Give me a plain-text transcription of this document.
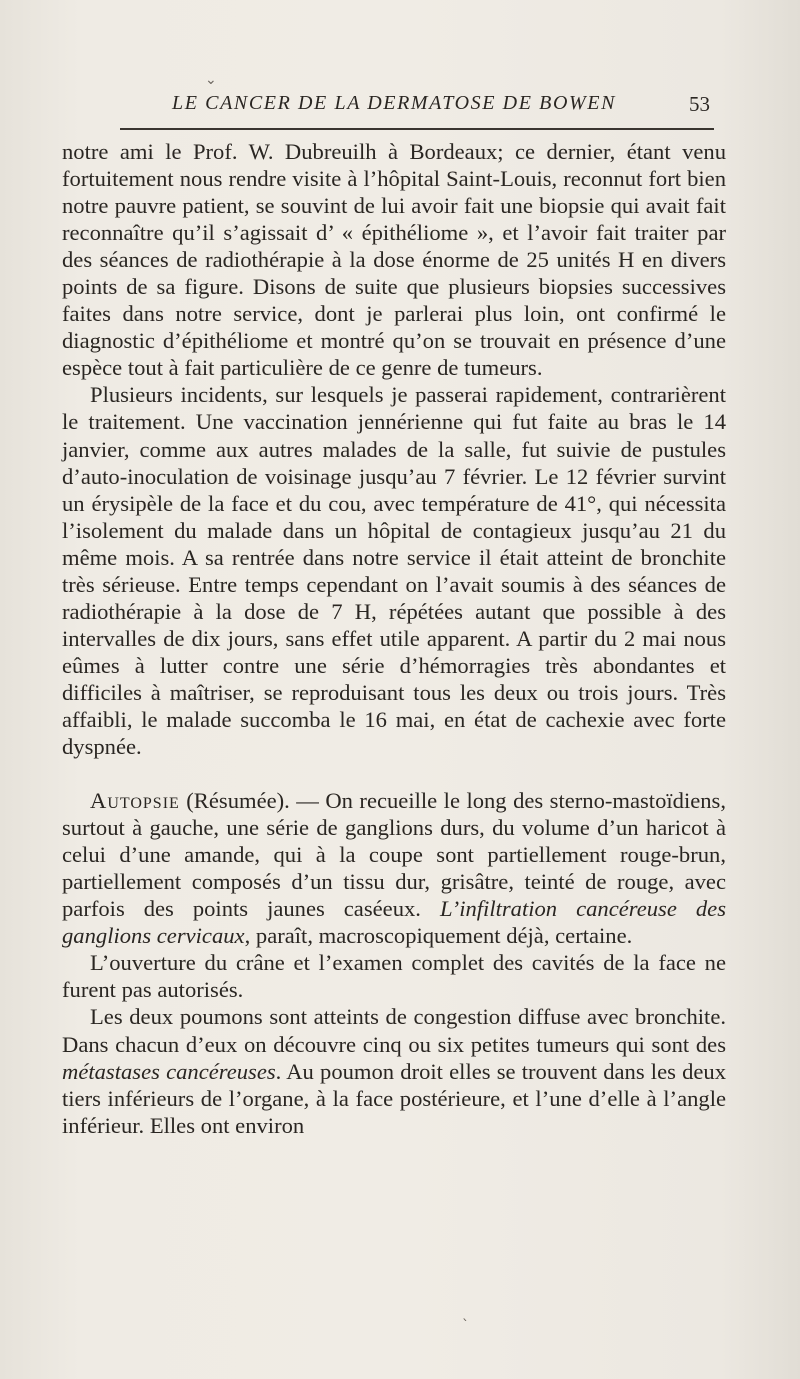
LE CANCER DE LA DERMATOSE DE BOWEN	53

notre ami le Prof. W. Dubreuilh à Bordeaux; ce dernier, étant venu fortuitement nous rendre visite à l’hôpital Saint-Louis, reconnut fort bien notre pauvre patient, se souvint de lui avoir fait une biopsie qui avait fait reconnaître qu’il s’agissait d’ « épithéliome », et l’avoir fait traiter par des séances de radiothérapie à la dose énorme de 25 unités H en divers points de sa figure. Disons de suite que plusieurs biopsies successives faites dans notre service, dont je parlerai plus loin, ont confirmé le diagnostic d’épithéliome et montré qu’on se trouvait en présence d’une espèce tout à fait particulière de ce genre de tumeurs.

Plusieurs incidents, sur lesquels je passerai rapidement, contrarièrent le traitement. Une vaccination jennérienne qui fut faite au bras le 14 janvier, comme aux autres malades de la salle, fut suivie de pustules d’auto-inoculation de voisinage jusqu’au 7 février. Le 12 février survint un érysipèle de la face et du cou, avec température de 41°, qui nécessita l’isolement du malade dans un hôpital de contagieux jusqu’au 21 du même mois. A sa rentrée dans notre service il était atteint de bronchite très sérieuse. Entre temps cependant on l’avait soumis à des séances de radiothérapie à la dose de 7 H, répétées autant que possible à des intervalles de dix jours, sans effet utile apparent. A partir du 2 mai nous eûmes à lutter contre une série d’hémorragies très abondantes et difficiles à maîtriser, se reproduisant tous les deux ou trois jours. Très affaibli, le malade succomba le 16 mai, en état de cachexie avec forte dyspnée.

Autopsie (Résumée). — On recueille le long des sterno-mastoïdiens, surtout à gauche, une série de ganglions durs, du volume d’un haricot à celui d’une amande, qui à la coupe sont partiellement rouge-brun, partiellement composés d’un tissu dur, grisâtre, teinté de rouge, avec parfois des points jaunes caséeux. L’infiltration cancéreuse des ganglions cervicaux, paraît, macroscopiquement déjà, certaine.

L’ouverture du crâne et l’examen complet des cavités de la face ne furent pas autorisés.

Les deux poumons sont atteints de congestion diffuse avec bronchite. Dans chacun d’eux on découvre cinq ou six petites tumeurs qui sont des métastases cancéreuses. Au poumon droit elles se trouvent dans les deux tiers inférieurs de l’organe, à la face postérieure, et l’une d’elle à l’angle inférieur. Elles ont environ

⌄
ˋ
